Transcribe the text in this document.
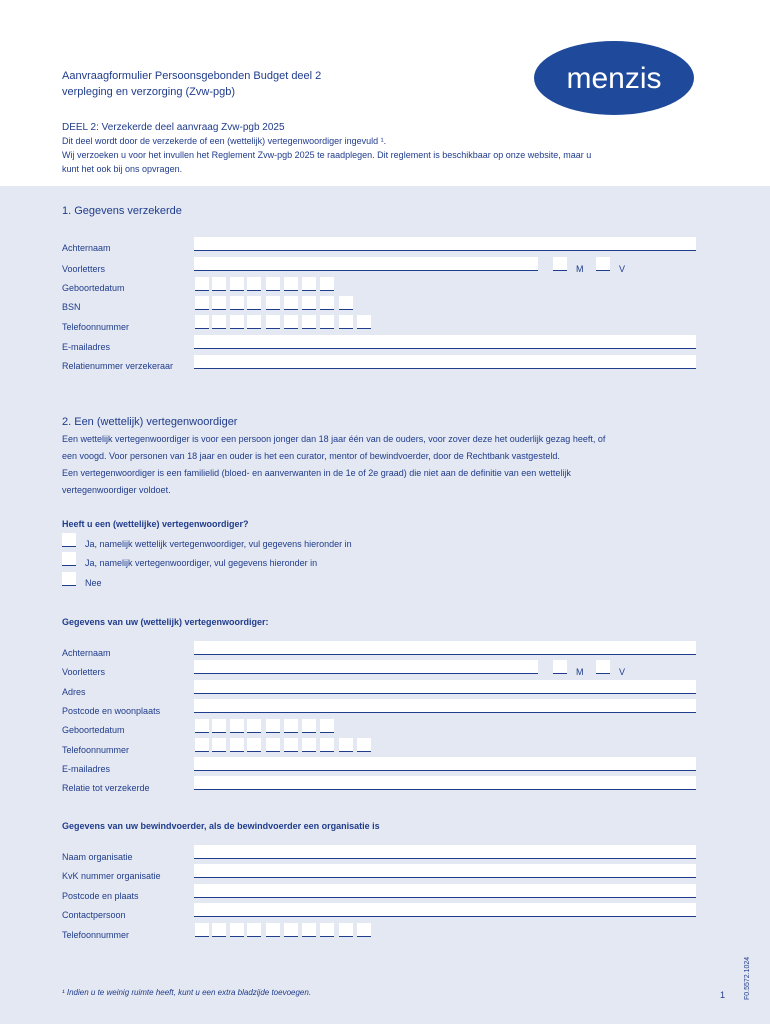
Aanvraagformulier Persoonsgebonden Budget deel 2
verpleging en verzorging (Zvw-pgb)	menzis
DEEL 2: Verzekerde deel aanvraag Zvw-pgb 2025
Dit deel wordt door de verzekerde of een (wettelijk) vertegenwoordiger ingevuld ¹.
Wij verzoeken u voor het invullen het Reglement Zvw-pgb 2025 te raadplegen. Dit reglement is beschikbaar op onze website, maar u
kunt het ook bij ons opvragen.
1. Gegevens verzekerde
Achternaam
Voorletters	M	V
Geboortedatum
BSN
Telefoonnummer
E-mailadres
Relatienummer verzekeraar
2. Een (wettelijk) vertegenwoordiger
Een wettelijk vertegenwoordiger is voor een persoon jonger dan 18 jaar één van de ouders, voor zover deze het ouderlijk gezag heeft, of
een voogd. Voor personen van 18 jaar en ouder is het een curator, mentor of bewindvoerder, door de Rechtbank vastgesteld.
Een vertegenwoordiger is een familielid (bloed- en aanverwanten in de 1e of 2e graad) die niet aan de definitie van een wettelijk
vertegenwoordiger voldoet.
Heeft u een (wettelijke) vertegenwoordiger?
Ja, namelijk wettelijk vertegenwoordiger, vul gegevens hieronder in
Ja, namelijk vertegenwoordiger, vul gegevens hieronder in
Nee
Gegevens van uw (wettelijk) vertegenwoordiger:
Achternaam
Voorletters	M	V
Adres
Postcode en woonplaats
Geboortedatum
Telefoonnummer
E-mailadres
Relatie tot verzekerde
Gegevens van uw bewindvoerder, als de bewindvoerder een organisatie is
Naam organisatie
KvK nummer organisatie
Postcode en plaats
Contactpersoon
Telefoonnummer
¹ Indien u te weinig ruimte heeft, kunt u een extra bladzijde toevoegen.	1	F0.5572.1024
